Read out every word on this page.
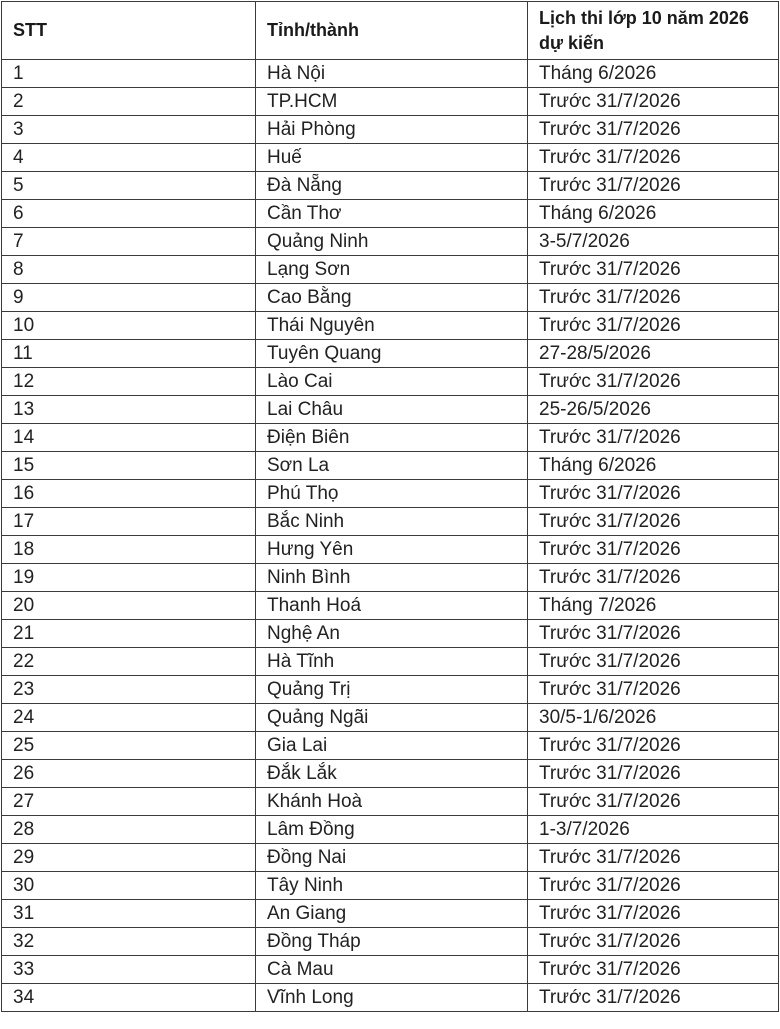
STT	Tỉnh/thành	Lịch thi lớp 10 năm 2026 dự kiến
1	Hà Nội	Tháng 6/2026
2	TP.HCM	Trước 31/7/2026
3	Hải Phòng	Trước 31/7/2026
4	Huế	Trước 31/7/2026
5	Đà Nẵng	Trước 31/7/2026
6	Cần Thơ	Tháng 6/2026
7	Quảng Ninh	3-5/7/2026
8	Lạng Sơn	Trước 31/7/2026
9	Cao Bằng	Trước 31/7/2026
10	Thái Nguyên	Trước 31/7/2026
11	Tuyên Quang	27-28/5/2026
12	Lào Cai	Trước 31/7/2026
13	Lai Châu	25-26/5/2026
14	Điện Biên	Trước 31/7/2026
15	Sơn La	Tháng 6/2026
16	Phú Thọ	Trước 31/7/2026
17	Bắc Ninh	Trước 31/7/2026
18	Hưng Yên	Trước 31/7/2026
19	Ninh Bình	Trước 31/7/2026
20	Thanh Hoá	Tháng 7/2026
21	Nghệ An	Trước 31/7/2026
22	Hà Tĩnh	Trước 31/7/2026
23	Quảng Trị	Trước 31/7/2026
24	Quảng Ngãi	30/5-1/6/2026
25	Gia Lai	Trước 31/7/2026
26	Đắk Lắk	Trước 31/7/2026
27	Khánh Hoà	Trước 31/7/2026
28	Lâm Đồng	1-3/7/2026
29	Đồng Nai	Trước 31/7/2026
30	Tây Ninh	Trước 31/7/2026
31	An Giang	Trước 31/7/2026
32	Đồng Tháp	Trước 31/7/2026
33	Cà Mau	Trước 31/7/2026
34	Vĩnh Long	Trước 31/7/2026
